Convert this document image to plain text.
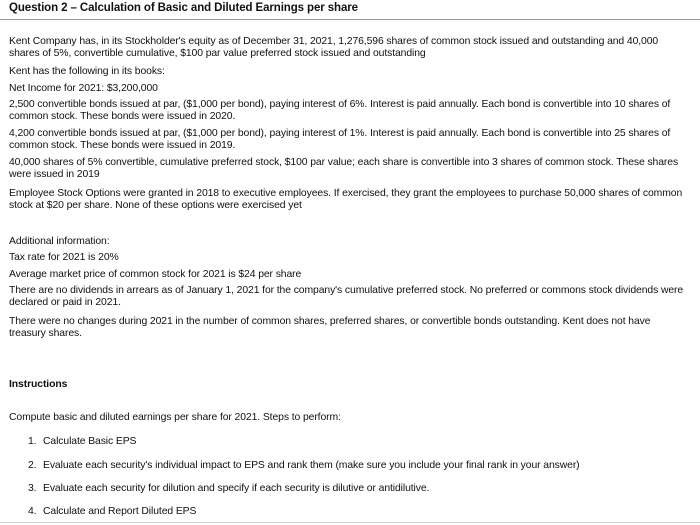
Question 2 – Calculation of Basic and Diluted Earnings per share

Kent Company has, in its Stockholder's equity as of December 31, 2021, 1,276,596 shares of common stock issued and outstanding and 40,000 shares of 5%, convertible cumulative, $100 par value preferred stock issued and outstanding

Kent has the following in its books:

Net Income for 2021: $3,200,000

2,500 convertible bonds issued at par, ($1,000 per bond), paying interest of 6%. Interest is paid annually. Each bond is convertible into 10 shares of common stock. These bonds were issued in 2020.

4,200 convertible bonds issued at par, ($1,000 per bond), paying interest of 1%. Interest is paid annually. Each bond is convertible into 25 shares of common stock. These bonds were issued in 2019.

40,000 shares of 5% convertible, cumulative preferred stock, $100 par value; each share is convertible into 3 shares of common stock. These shares were issued in 2019

Employee Stock Options were granted in 2018 to executive employees. If exercised, they grant the employees to purchase 50,000 shares of common stock at $20 per share. None of these options were exercised yet

Additional information:

Tax rate for 2021 is 20%

Average market price of common stock for 2021 is $24 per share

There are no dividends in arrears as of January 1, 2021 for the company's cumulative preferred stock. No preferred or commons stock dividends were declared or paid in 2021.

There were no changes during 2021 in the number of common shares, preferred shares, or convertible bonds outstanding. Kent does not have treasury shares.

Instructions

Compute basic and diluted earnings per share for 2021. Steps to perform:

1. Calculate Basic EPS
2. Evaluate each security's individual impact to EPS and rank them (make sure you include your final rank in your answer)
3. Evaluate each security for dilution and specify if each security is dilutive or antidilutive.
4. Calculate and Report Diluted EPS
